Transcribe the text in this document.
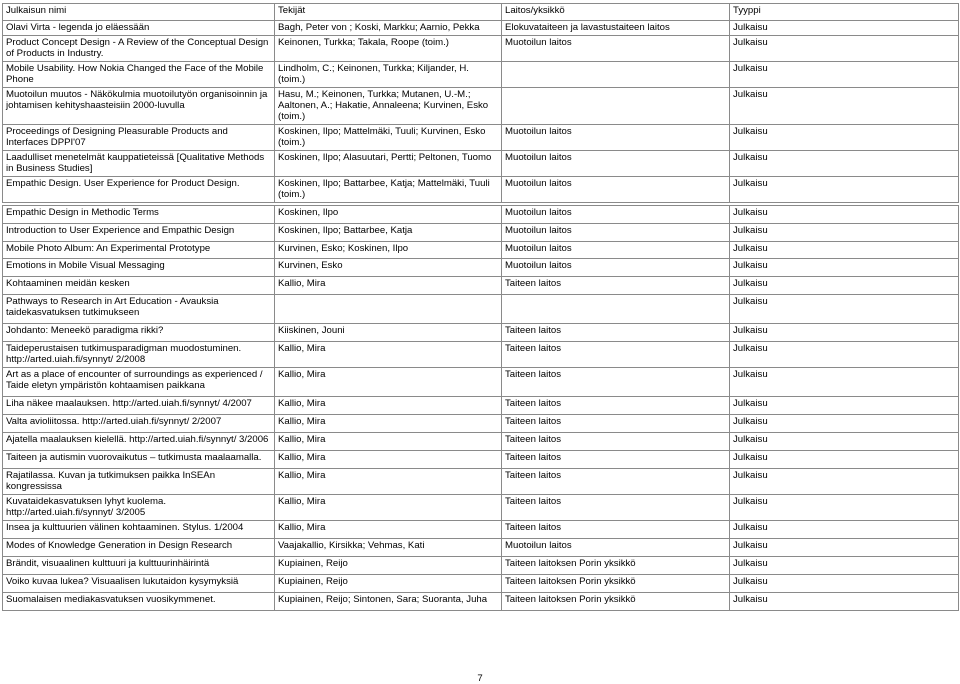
Julkaisun nimi	Tekijät	Laitos/yksikkö	Tyyppi
Olavi Virta - legenda jo eläessään	Bagh, Peter von ; Koski, Markku; Aarnio, Pekka	Elokuvataiteen ja lavastustaiteen laitos	Julkaisu
Product Concept Design - A Review of the Conceptual Design of Products in Industry.	Keinonen, Turkka; Takala, Roope (toim.)	Muotoilun laitos	Julkaisu
Mobile Usability. How Nokia Changed the Face of the Mobile Phone	Lindholm, C.; Keinonen, Turkka; Kiljander, H. (toim.)		Julkaisu
Muotoilun muutos - Näkökulmia muotoilutyön organisoinnin ja johtamisen kehityshaasteisiin 2000-luvulla	Hasu, M.; Keinonen, Turkka; Mutanen, U.-M.; Aaltonen, A.; Hakatie, Annaleena; Kurvinen, Esko (toim.)		Julkaisu
Proceedings of Designing Pleasurable Products and Interfaces DPPI'07	Koskinen, Ilpo; Mattelmäki, Tuuli; Kurvinen, Esko (toim.)	Muotoilun laitos	Julkaisu
Laadulliset menetelmät kauppatieteissä [Qualitative Methods in Business Studies]	Koskinen, Ilpo; Alasuutari, Pertti; Peltonen, Tuomo	Muotoilun laitos	Julkaisu
Empathic Design. User Experience for Product Design.	Koskinen, Ilpo; Battarbee, Katja; Mattelmäki, Tuuli (toim.)	Muotoilun laitos	Julkaisu

Empathic Design in Methodic Terms	Koskinen, Ilpo	Muotoilun laitos	Julkaisu
Introduction to User Experience and Empathic Design	Koskinen, Ilpo; Battarbee, Katja	Muotoilun laitos	Julkaisu
Mobile Photo Album: An Experimental Prototype	Kurvinen, Esko; Koskinen, Ilpo	Muotoilun laitos	Julkaisu
Emotions in Mobile Visual Messaging	Kurvinen, Esko	Muotoilun laitos	Julkaisu
Kohtaaminen meidän kesken	Kallio, Mira	Taiteen laitos	Julkaisu
Pathways to Research in Art Education - Avauksia taidekasvatuksen tutkimukseen			Julkaisu
Johdanto: Meneekö paradigma rikki?	Kiiskinen, Jouni	Taiteen laitos	Julkaisu
Taideperustaisen tutkimusparadigman muodostuminen. http://arted.uiah.fi/synnyt/ 2/2008	Kallio, Mira	Taiteen laitos	Julkaisu
Art as a place of encounter of surroundings as experienced / Taide eletyn ympäristön kohtaamisen paikkana	Kallio, Mira	Taiteen laitos	Julkaisu
Liha näkee maalauksen. http://arted.uiah.fi/synnyt/ 4/2007	Kallio, Mira	Taiteen laitos	Julkaisu
Valta avioliitossa. http://arted.uiah.fi/synnyt/ 2/2007	Kallio, Mira	Taiteen laitos	Julkaisu
Ajatella maalauksen kielellä. http://arted.uiah.fi/synnyt/ 3/2006	Kallio, Mira	Taiteen laitos	Julkaisu
Taiteen ja autismin vuorovaikutus – tutkimusta maalaamalla.	Kallio, Mira	Taiteen laitos	Julkaisu
Rajatilassa. Kuvan ja tutkimuksen paikka InSEAn kongressissa	Kallio, Mira	Taiteen laitos	Julkaisu
Kuvataidekasvatuksen lyhyt kuolema. http://arted.uiah.fi/synnyt/ 3/2005	Kallio, Mira	Taiteen laitos	Julkaisu
Insea ja kulttuurien välinen kohtaaminen. Stylus. 1/2004	Kallio, Mira	Taiteen laitos	Julkaisu
Modes of Knowledge Generation in Design Research	Vaajakallio, Kirsikka; Vehmas, Kati	Muotoilun laitos	Julkaisu
Brändit, visuaalinen kulttuuri ja kulttuurinhäirintä	Kupiainen, Reijo	Taiteen laitoksen Porin yksikkö	Julkaisu
Voiko kuvaa lukea? Visuaalisen lukutaidon kysymyksiä	Kupiainen, Reijo	Taiteen laitoksen Porin yksikkö	Julkaisu
Suomalaisen mediakasvatuksen vuosikymmenet.	Kupiainen, Reijo; Sintonen, Sara; Suoranta, Juha	Taiteen laitoksen Porin yksikkö	Julkaisu
7
